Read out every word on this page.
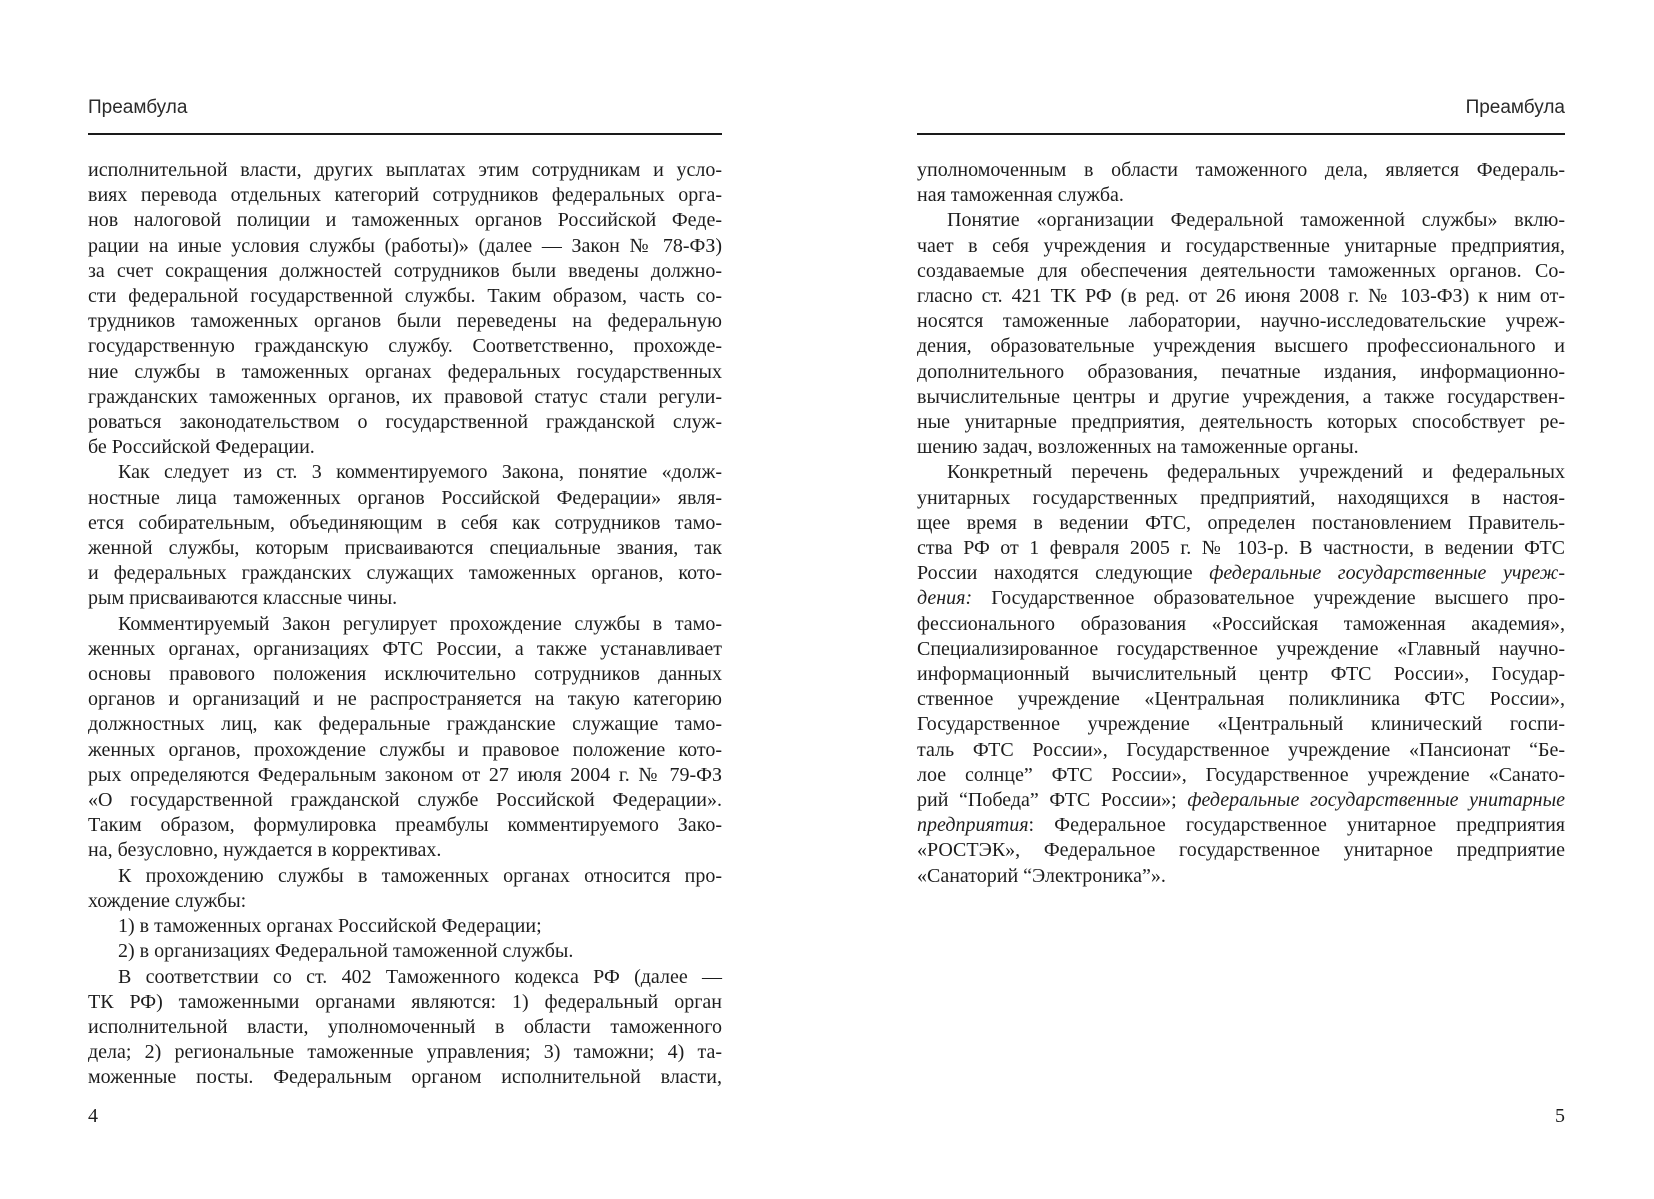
Преамбула
исполнительной власти, других выплатах этим сотрудникам и усло-
виях перевода отдельных категорий сотрудников федеральных орга-
нов налоговой полиции и таможенных органов Российской Феде-
рации на иные условия службы (работы)» (далее — Закон № 78-ФЗ)
за счет сокращения должностей сотрудников были введены должно-
сти федеральной государственной службы. Таким образом, часть со-
трудников таможенных органов были переведены на федеральную
государственную гражданскую службу. Соответственно, прохожде-
ние службы в таможенных органах федеральных государственных
гражданских таможенных органов, их правовой статус стали регули-
роваться законодательством о государственной гражданской служ-
бе Российской Федерации.
Как следует из ст. 3 комментируемого Закона, понятие «долж-
ностные лица таможенных органов Российской Федерации» явля-
ется собирательным, объединяющим в себя как сотрудников тамо-
женной службы, которым присваиваются специальные звания, так
и федеральных гражданских служащих таможенных органов, кото-
рым присваиваются классные чины.
Комментируемый Закон регулирует прохождение службы в тамо-
женных органах, организациях ФТС России, а также устанавливает
основы правового положения исключительно сотрудников данных
органов и организаций и не распространяется на такую категорию
должностных лиц, как федеральные гражданские служащие тамо-
женных органов, прохождение службы и правовое положение кото-
рых определяются Федеральным законом от 27 июля 2004 г. № 79-ФЗ
«О государственной гражданской службе Российской Федерации».
Таким образом, формулировка преамбулы комментируемого Зако-
на, безусловно, нуждается в коррективах.
К прохождению службы в таможенных органах относится про-
хождение службы:
1) в таможенных органах Российской Федерации;
2) в организациях Федеральной таможенной службы.
В соответствии со ст. 402 Таможенного кодекса РФ (далее —
ТК РФ) таможенными органами являются: 1) федеральный орган
исполнительной власти, уполномоченный в области таможенного
дела; 2) региональные таможенные управления; 3) таможни; 4) та-
моженные посты. Федеральным органом исполнительной власти,
4
Преамбула
уполномоченным в области таможенного дела, является Федераль-
ная таможенная служба.
Понятие «организации Федеральной таможенной службы» вклю-
чает в себя учреждения и государственные унитарные предприятия,
создаваемые для обеспечения деятельности таможенных органов. Со-
гласно ст. 421 ТК РФ (в ред. от 26 июня 2008 г. № 103-ФЗ) к ним от-
носятся таможенные лаборатории, научно-исследовательские учреж-
дения, образовательные учреждения высшего профессионального и
дополнительного образования, печатные издания, информационно-
вычислительные центры и другие учреждения, а также государствен-
ные унитарные предприятия, деятельность которых способствует ре-
шению задач, возложенных на таможенные органы.
Конкретный перечень федеральных учреждений и федеральных
унитарных государственных предприятий, находящихся в настоя-
щее время в ведении ФТС, определен постановлением Правитель-
ства РФ от 1 февраля 2005 г. № 103-р. В частности, в ведении ФТС
России находятся следующие федеральные государственные учреж-
дения: Государственное образовательное учреждение высшего про-
фессионального образования «Российская таможенная академия»,
Специализированное государственное учреждение «Главный научно-
информационный вычислительный центр ФТС России», Государ-
ственное учреждение «Центральная поликлиника ФТС России»,
Государственное учреждение «Центральный клинический госпи-
таль ФТС России», Государственное учреждение «Пансионат “Бе-
лое солнце” ФТС России», Государственное учреждение «Санато-
рий “Победа” ФТС России»; федеральные государственные унитарные
предприятия: Федеральное государственное унитарное предприятия
«РОСТЭК», Федеральное государственное унитарное предприятие
«Санаторий “Электроника”».
5
